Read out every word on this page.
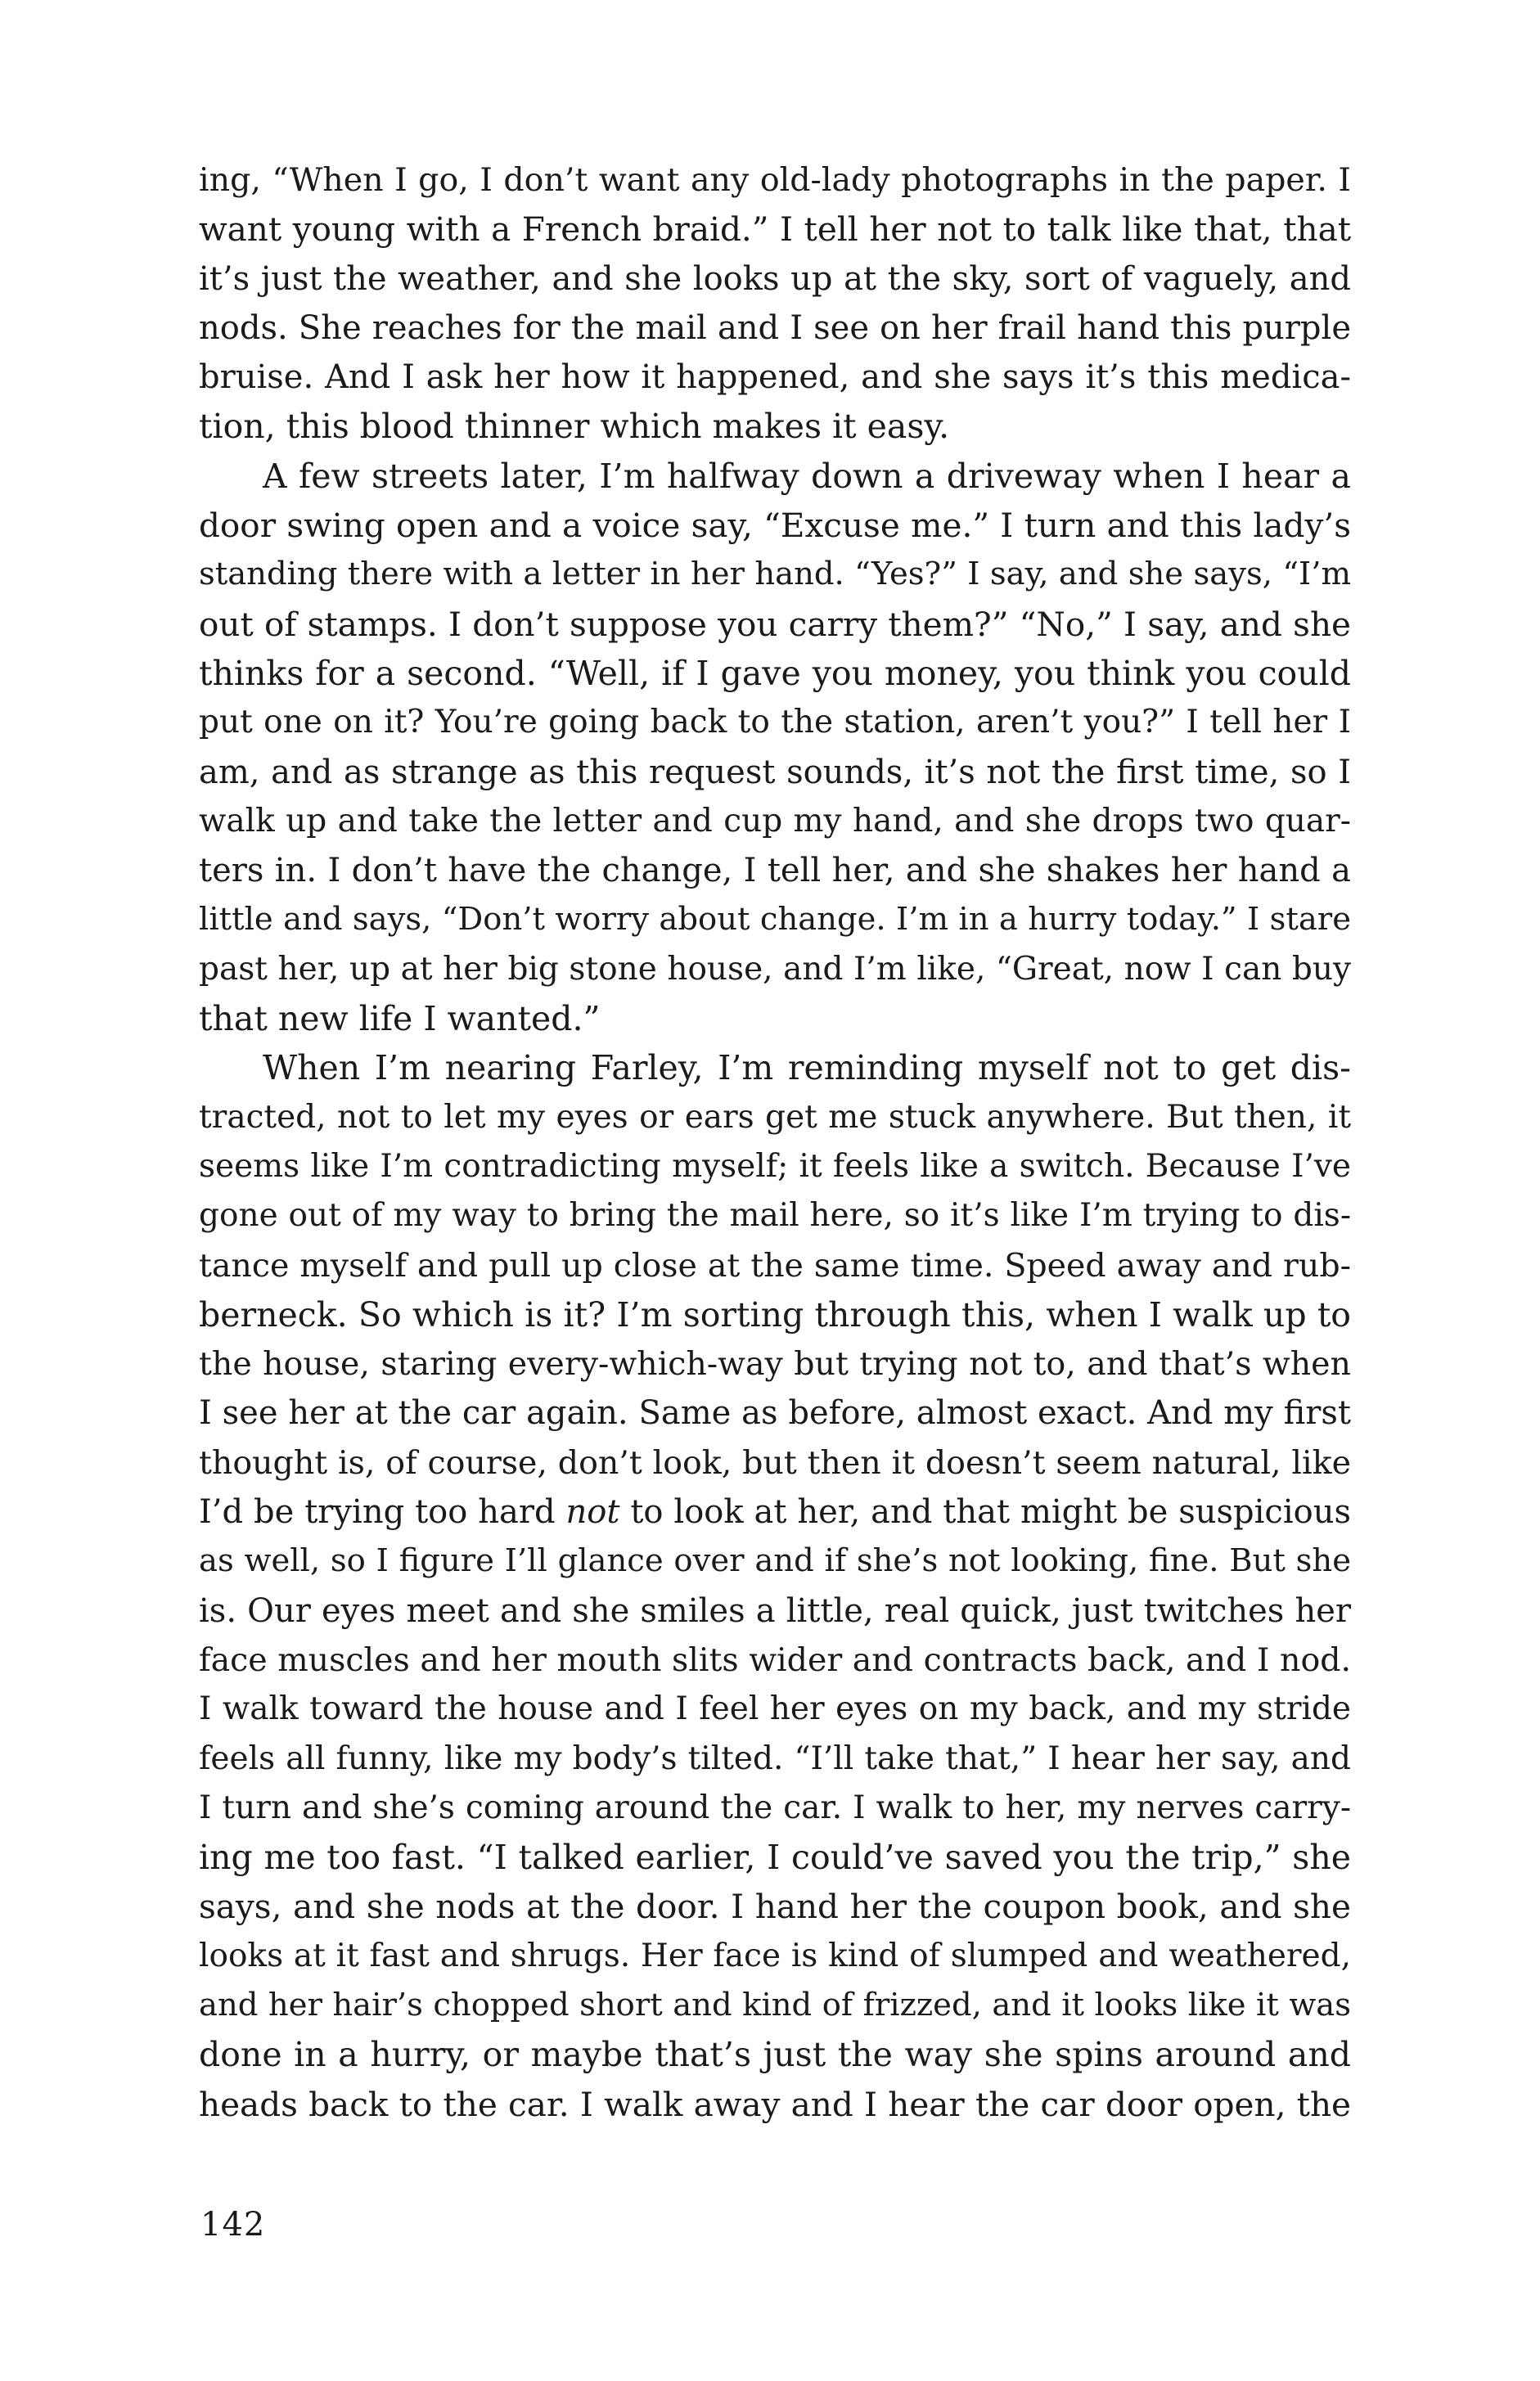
ing, “When I go, I don’t want any old-lady photographs in the paper. I
want young with a French braid.” I tell her not to talk like that, that
it’s just the weather, and she looks up at the sky, sort of vaguely, and
nods. She reaches for the mail and I see on her frail hand this purple
bruise. And I ask her how it happened, and she says it’s this medica-
tion, this blood thinner which makes it easy.
A few streets later, I’m halfway down a driveway when I hear a
door swing open and a voice say, “Excuse me.” I turn and this lady’s
standing there with a letter in her hand. “Yes?” I say, and she says, “I’m
out of stamps. I don’t suppose you carry them?” “No,” I say, and she
thinks for a second. “Well, if I gave you money, you think you could
put one on it? You’re going back to the station, aren’t you?” I tell her I
am, and as strange as this request sounds, it’s not the first time, so I
walk up and take the letter and cup my hand, and she drops two quar-
ters in. I don’t have the change, I tell her, and she shakes her hand a
little and says, “Don’t worry about change. I’m in a hurry today.” I stare
past her, up at her big stone house, and I’m like, “Great, now I can buy
that new life I wanted.”
When I’m nearing Farley, I’m reminding myself not to get dis-
tracted, not to let my eyes or ears get me stuck anywhere. But then, it
seems like I’m contradicting myself; it feels like a switch. Because I’ve
gone out of my way to bring the mail here, so it’s like I’m trying to dis-
tance myself and pull up close at the same time. Speed away and rub-
berneck. So which is it? I’m sorting through this, when I walk up to
the house, staring every-which-way but trying not to, and that’s when
I see her at the car again. Same as before, almost exact. And my first
thought is, of course, don’t look, but then it doesn’t seem natural, like
I’d be trying too hard not to look at her, and that might be suspicious
as well, so I figure I’ll glance over and if she’s not looking, fine. But she
is. Our eyes meet and she smiles a little, real quick, just twitches her
face muscles and her mouth slits wider and contracts back, and I nod.
I walk toward the house and I feel her eyes on my back, and my stride
feels all funny, like my body’s tilted. “I’ll take that,” I hear her say, and
I turn and she’s coming around the car. I walk to her, my nerves carry-
ing me too fast. “I talked earlier, I could’ve saved you the trip,” she
says, and she nods at the door. I hand her the coupon book, and she
looks at it fast and shrugs. Her face is kind of slumped and weathered,
and her hair’s chopped short and kind of frizzed, and it looks like it was
done in a hurry, or maybe that’s just the way she spins around and
heads back to the car. I walk away and I hear the car door open, the
142
